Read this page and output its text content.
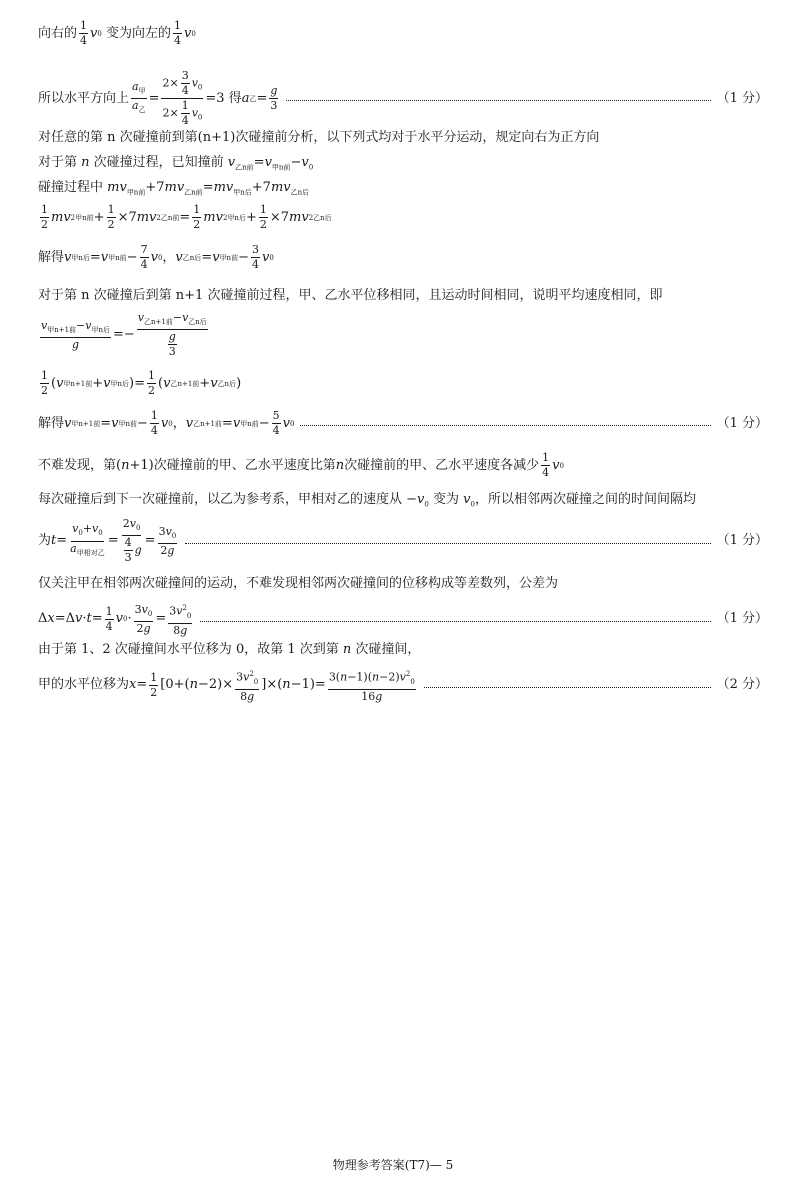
向右的 $\frac{1}{4}$ v 0 变为向左的 $\frac{1}{4}$ v 0
所以水平方向上 $\frac{a_甲}{a_乙} = \frac{2\times \frac{3}{4} v_0}{2\times \frac{1}{4} v_0} =3$ 得 a 乙 = $\frac{g}{3}$	（1 分）
对任意的第 n 次碰撞前到第(n+1)次碰撞前分析，以下列式均对于水平分运动，规定向右为正方向
对于第 n 次碰撞过程，已知撞前 $v_{乙n前}=v_{甲n前}-v_0$
碰撞过程中 $mv_{甲n前}+7mv_{乙n前}=mv_{甲n后}+7mv_{乙n后}$
$\frac{1}{2}$ mv 2 甲n前 + $\frac{1}{2} \times 7$ mv 2 乙n前 = $\frac{1}{2}$ mv 2 甲n后 + $\frac{1}{2} \times 7$ mv 2 乙n后
解得 v 甲n后 = v 甲n前 − $\frac{7}{4}$ v 0 ， v 乙n后 = v 甲n前 − $\frac{3}{4}$ v 0
对于第 n 次碰撞后到第 n+1 次碰撞前过程，甲、乙水平位移相同，且运动时间相同，说明平均速度相同，即
$\frac{v_{甲n+1前}-v_{甲n后}}{g} =- \frac{v_{乙n+1前}-v_{乙n后}}{\frac{g}{3}}$
$\frac{1}{2}$ ( v 甲n+1前 + v 甲n后 )= $\frac{1}{2}$ ( v 乙n+1前 + v 乙n后 )
解得 v 甲n+1前 = v 甲n前 − $\frac{1}{4}$ v 0 ， v 乙n+1前 = v 甲n前 − $\frac{5}{4}$ v 0	（1 分）
不难发现，第( n +1)次碰撞前的甲、乙水平速度比第 n 次碰撞前的甲、乙水平速度各减少 $\frac{1}{4}$ v 0
每次碰撞后到下一次碰撞前，以乙为参考系，甲相对乙的速度从 $-v_0$ 变为 $v_0$，所以相邻两次碰撞之间的时间间隔均
为 $t = \frac{v_0+v_0}{a_{甲相对乙}} = \frac{2v_0}{\frac{4}{3} g} = \frac{3v_0}{2g}$	（1 分）
仅关注甲在相邻两次碰撞间的运动，不难发现相邻两次碰撞间的位移构成等差数列，公差为
Δ x =Δ $v \cdot t = \frac{1}{4}$ v $0 \cdot \frac{3v_0}{2g} = \frac{3v^2_0}{8g}$	（1 分）
由于第 1、2 次碰撞间水平位移为 0，故第 1 次到第 n 次碰撞间，
甲的水平位移为 $x = \frac{1}{2} [0+$( $n -2)\times \frac{3v^2_0}{8g}$ ]×( $n -1)= \frac{3(n-1)(n-2)v^2_0}{16g}$	（2 分）
物理参考答案(T7)— 5
